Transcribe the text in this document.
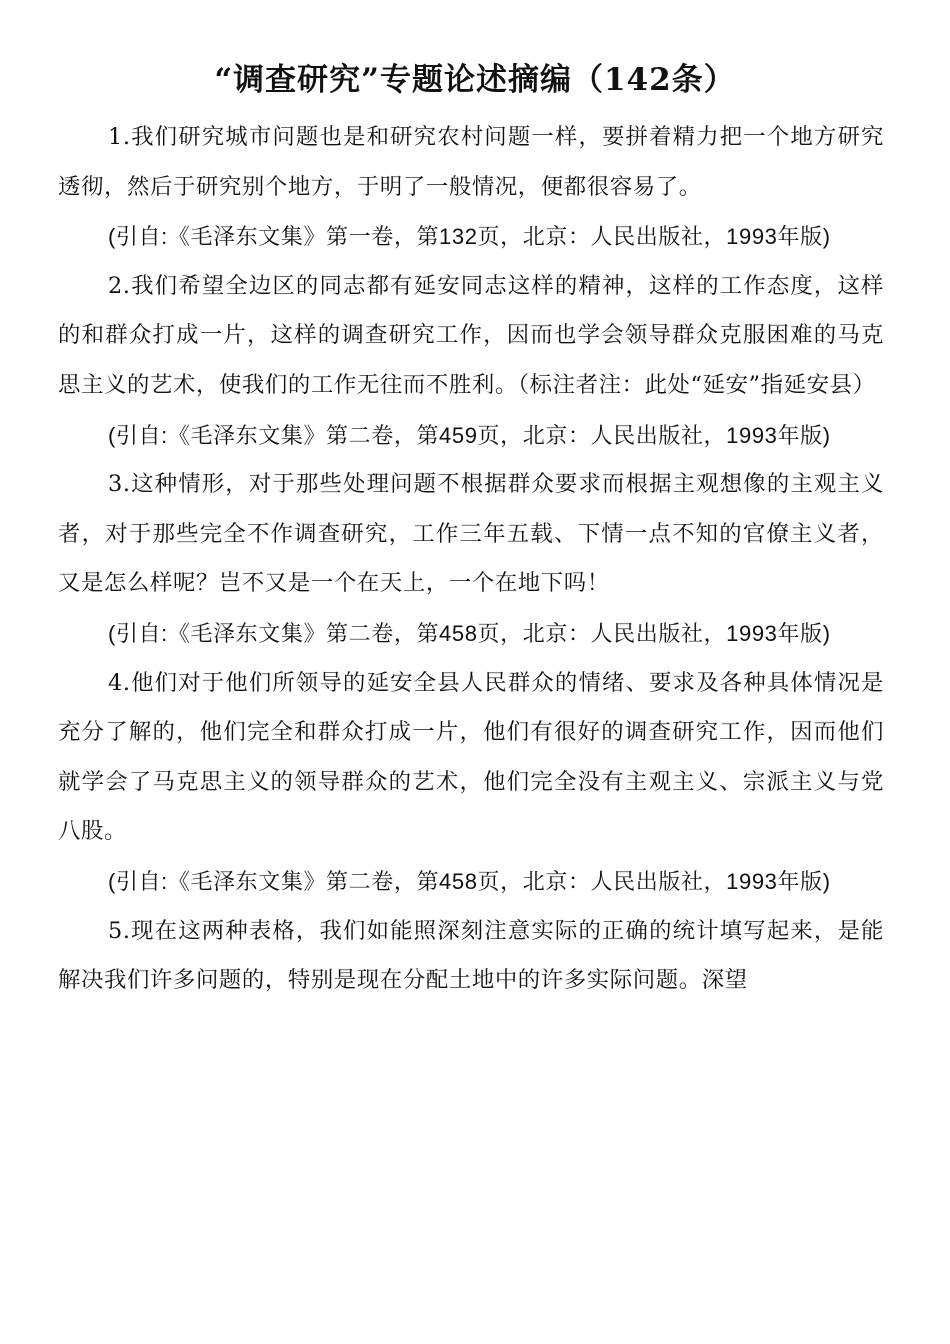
“调查研究”专题论述摘编（142条）

1.我们研究城市问题也是和研究农村问题一样，要拼着精力把一个地方研究透彻，然后于研究别个地方，于明了一般情况，便都很容易了。

(引自:《毛泽东文集》第一卷，第132页，北京：人民出版社，1993年版)

2.我们希望全边区的同志都有延安同志这样的精神，这样的工作态度，这样的和群众打成一片，这样的调查研究工作，因而也学会领导群众克服困难的马克思主义的艺术，使我们的工作无往而不胜利。（标注者注：此处“延安”指延安县）

(引自:《毛泽东文集》第二卷，第459页，北京：人民出版社，1993年版)

3.这种情形，对于那些处理问题不根据群众要求而根据主观想像的主观主义者，对于那些完全不作调查研究，工作三年五载、下情一点不知的官僚主义者，又是怎么样呢？岂不又是一个在天上，一个在地下吗！

(引自:《毛泽东文集》第二卷，第458页，北京：人民出版社，1993年版)

4.他们对于他们所领导的延安全县人民群众的情绪、要求及各种具体情况是充分了解的，他们完全和群众打成一片，他们有很好的调查研究工作，因而他们就学会了马克思主义的领导群众的艺术，他们完全没有主观主义、宗派主义与党八股。

(引自:《毛泽东文集》第二卷，第458页，北京：人民出版社，1993年版)

5.现在这两种表格，我们如能照深刻注意实际的正确的统计填写起来，是能解决我们许多问题的，特别是现在分配土地中的许多实际问题。深望
